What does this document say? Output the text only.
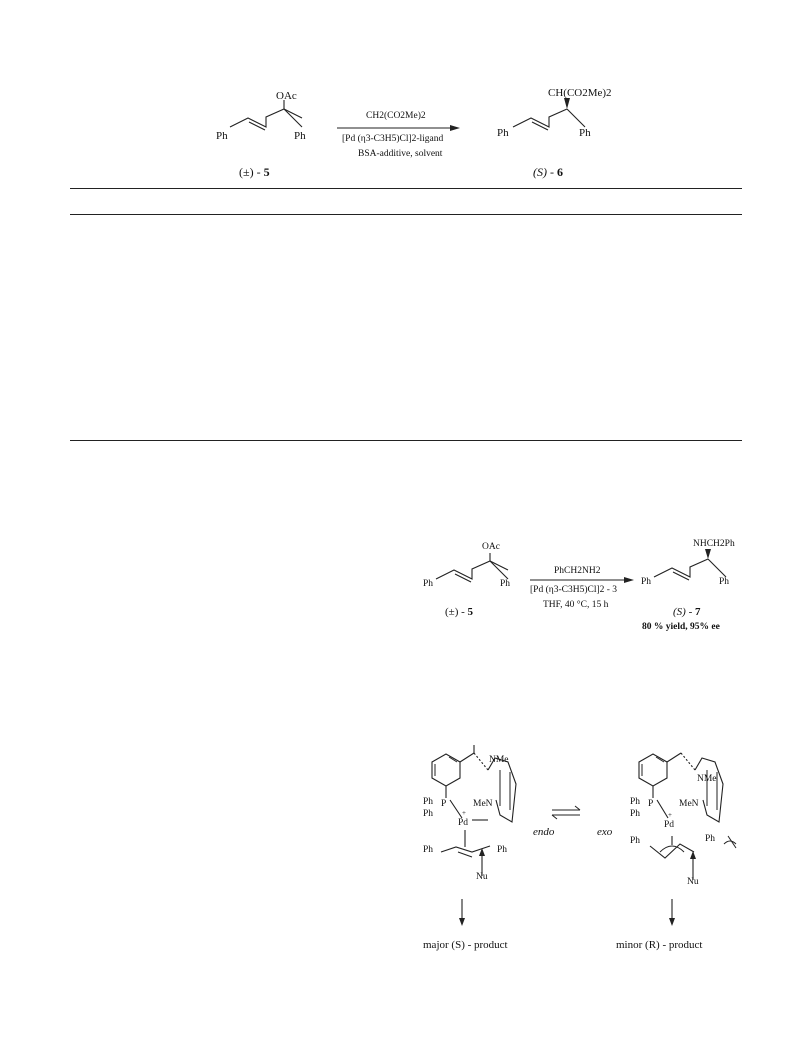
OAc
Ph	Ph
(±) - 5
CH2(CO2Me)2
[Pd (η3-C3H5)Cl]2-ligand
BSA-additive, solvent
CH(CO2Me)2
Ph	Ph
(S) - 6
OAc
Ph	Ph
(±) - 5
PhCH2NH2
[Pd (η3-C3H5)Cl]2 - 3
THF, 40 °C, 15 h
NHCH2Ph
Ph	Ph
(S) - 7
80 % yield, 95% ee
NMe
MeN
P
Pd
+
Ph
Ph
Ph	Ph
Nu
endo
major (S) - product
NMe
MeN
P
Pd
+
Ph
Ph
Ph	Ph
Nu
exo
minor (R) - product
